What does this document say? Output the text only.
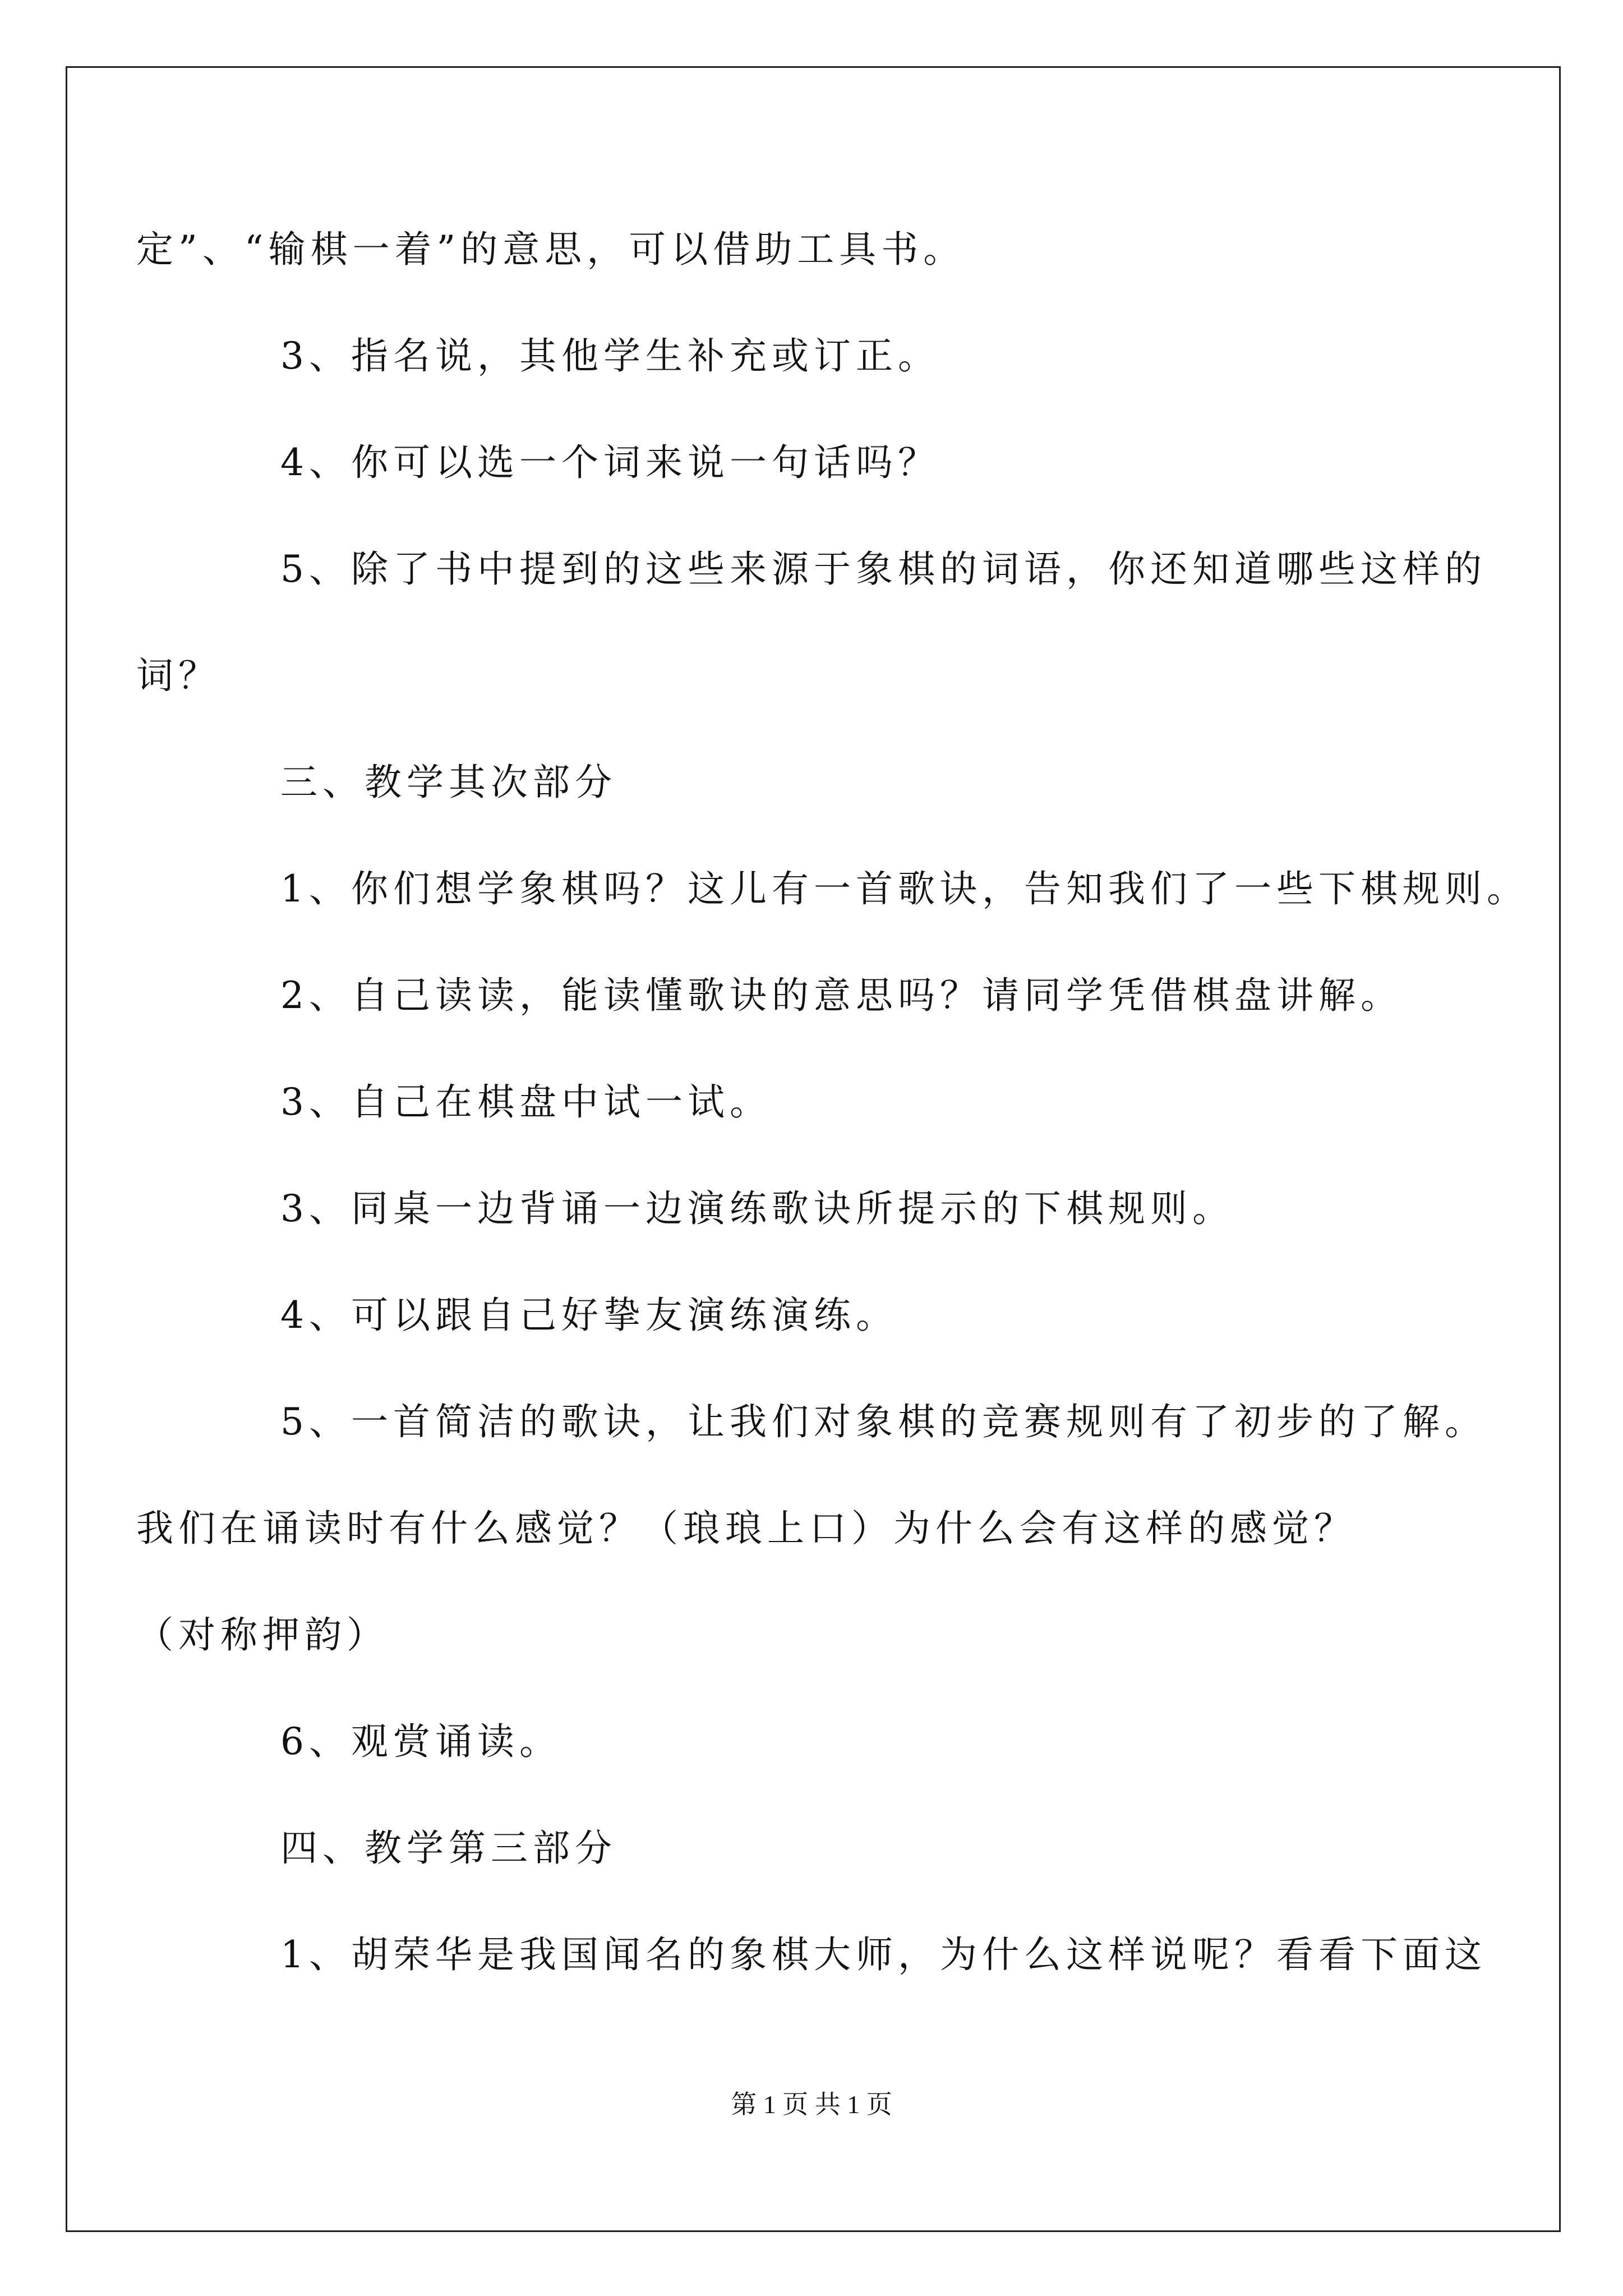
定”、“输棋一着”的意思，可以借助工具书。
3、指名说，其他学生补充或订正。
4、你可以选一个词来说一句话吗？
5、除了书中提到的这些来源于象棋的词语，你还知道哪些这样的
词？
三、教学其次部分
1、你们想学象棋吗？这儿有一首歌诀，告知我们了一些下棋规则。
2、自己读读，能读懂歌诀的意思吗？请同学凭借棋盘讲解。
3、自己在棋盘中试一试。
3、同桌一边背诵一边演练歌诀所提示的下棋规则。
4、可以跟自己好挚友演练演练。
5、一首简洁的歌诀，让我们对象棋的竞赛规则有了初步的了解。
我们在诵读时有什么感觉？（琅琅上口）为什么会有这样的感觉？
（对称押韵）
6、观赏诵读。
四、教学第三部分
1、胡荣华是我国闻名的象棋大师，为什么这样说呢？看看下面这
第 1 页 共 1 页
